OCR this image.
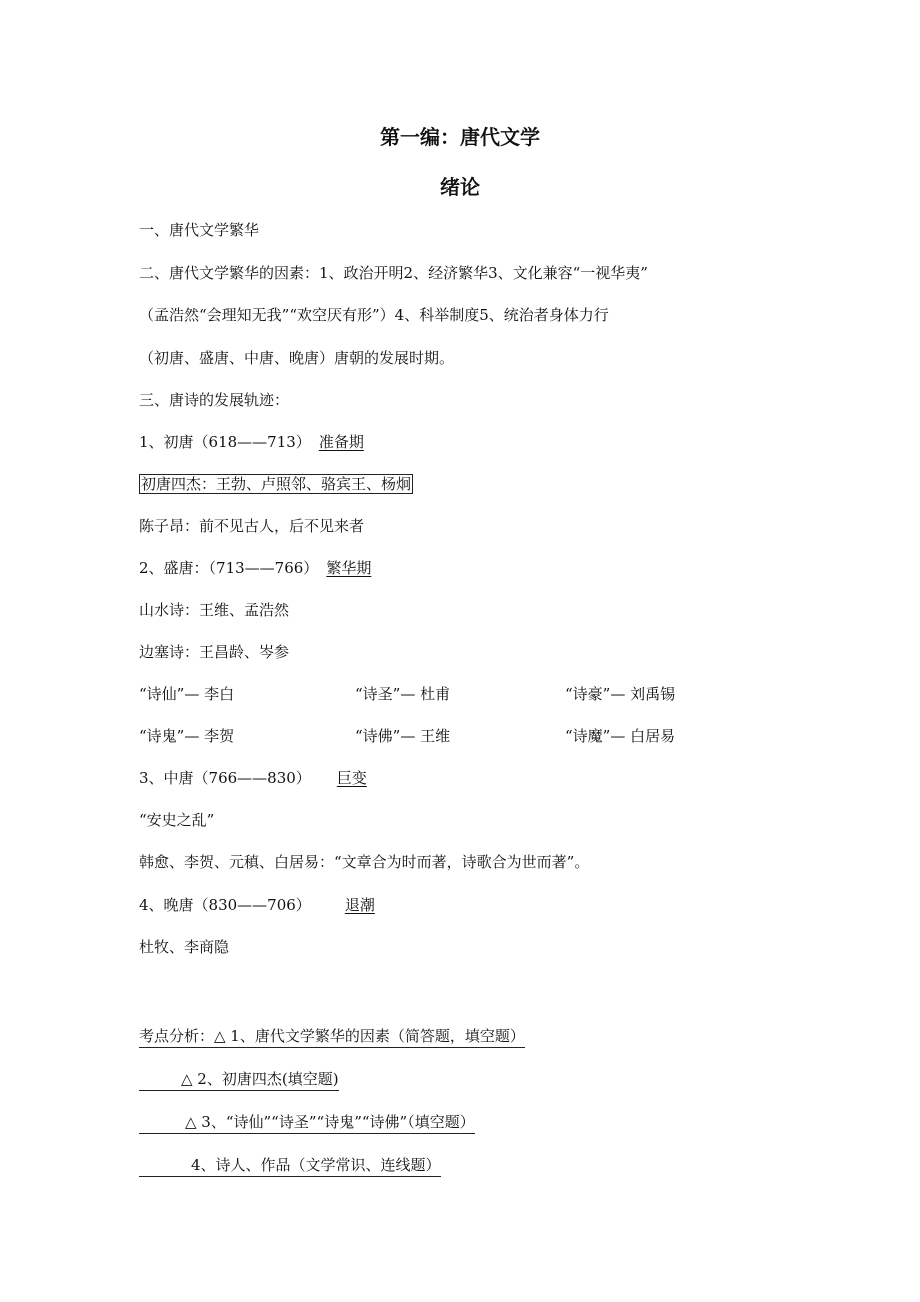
第一编：唐代文学
绪论
一、唐代文学繁华
二、唐代文学繁华的因素：1、政治开明2、经济繁华3、文化兼容“一视华夷”
（孟浩然“会理知无我”“欢空厌有形”）4、科举制度5、统治者身体力行
（初唐、盛唐、中唐、晚唐）唐朝的发展时期。
三、唐诗的发展轨迹：
1、初唐（618——713） 准备期
初唐四杰：王勃、卢照邻、骆宾王、杨炯
陈子昂：前不见古人，后不见来者
2、盛唐：（713——766） 繁华期
山水诗：王维、孟浩然
边塞诗：王昌龄、岑参
“诗仙”— 李白	“诗圣”— 杜甫	“诗豪”— 刘禹锡
“诗鬼”— 李贺	“诗佛”— 王维	“诗魔”— 白居易
3、中唐（766——830） 巨变
“安史之乱”
韩愈、李贺、元稹、白居易：“文章合为时而著，诗歌合为世而著”。
4、晚唐（830——706） 退潮
杜牧、李商隐
考点分析：△ 1、唐代文学繁华的因素（简答题，填空题）
△ 2、初唐四杰(填空题)
△ 3、“诗仙”“诗圣”“诗鬼”“诗佛”（填空题）
4、诗人、作品（文学常识、连线题）
